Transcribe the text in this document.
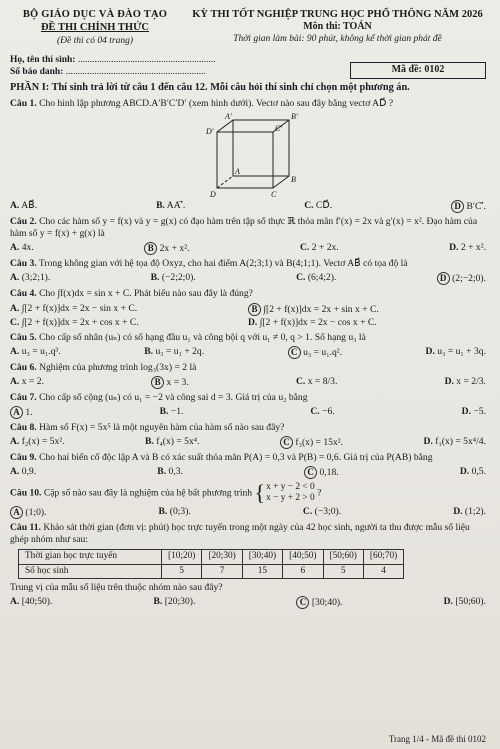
BỘ GIÁO DỤC VÀ ĐÀO TẠO
ĐỀ THI CHÍNH THỨC
(Đề thi có 04 trang)
KỲ THI TỐT NGHIỆP TRUNG HỌC PHỔ THÔNG NĂM 2026
Môn thi: TOÁN
Thời gian làm bài: 90 phút, không kể thời gian phát đề
Họ, tên thí sinh: ..........................................................
Số báo danh: ...........................................................	Mã đề: 0102
PHẦN I: Thí sinh trả lời từ câu 1 đến câu 12. Mỗi câu hỏi thí sinh chỉ chọn một phương án.
Câu 1. Cho hình lập phương ABCD.A′B′C′D′ (xem hình dưới). Vectơ nào sau đây bằng vectơ AD⃗ ?
A′	B′
C′
D′
A
B
C
D
A. AB⃗.	B. AA′⃗.	C. CD⃗.	D B′C′⃗.
Câu 2. Cho các hàm số y = f(x) và y = g(x) có đạo hàm trên tập số thực ℝ thỏa mãn f′(x) = 2x và g′(x) = x². Đạo hàm của hàm số y = f(x) + g(x) là
A. 4x.	B 2x + x².	C. 2 + 2x.	D. 2 + x².
Câu 3. Trong không gian với hệ tọa độ Oxyz, cho hai điểm A(2;3;1) và B(4;1;1). Vectơ AB⃗ có tọa độ là
A. (3;2;1).	B. (−2;2;0).	C. (6;4;2).	D (2;−2;0).
Câu 4. Cho ∫f(x)dx = sin x + C. Phát biểu nào sau đây là đúng?
A. ∫[2 + f(x)]dx = 2x − sin x + C.	B ∫[2 + f(x)]dx = 2x + sin x + C.
C. ∫[2 + f(x)]dx = 2x + cos x + C.	D. ∫[2 + f(x)]dx = 2x − cos x + C.
Câu 5. Cho cấp số nhân (uₙ) có số hạng đầu u₁ và công bội q với u₁ ≠ 0, q > 1. Số hạng u₃ là
A. u₃ = u₁.q³.	B. u₃ = u₁ + 2q.	C u₃ = u₁.q².	D. u₃ = u₁ + 3q.
Câu 6. Nghiệm của phương trình log₃(3x) = 2 là
A. x = 2.	B x = 3.	C. x = 8/3.	D. x = 2/3.
Câu 7. Cho cấp số cộng (uₙ) có u₁ = −2 và công sai d = 3. Giá trị của u₂ bằng
A 1.	B. −1.	C. −6.	D. −5.
Câu 8. Hàm số F(x) = 5x⁵ là một nguyên hàm của hàm số nào sau đây?
A. f₂(x) = 5x².	B. f₄(x) = 5x⁴.	C f₃(x) = 15x².	D. f₁(x) = 5x⁴/4.
Câu 9. Cho hai biến cố độc lập A và B có xác suất thỏa mãn P(A) = 0,3 và P(B) = 0,6. Giá trị của P(AB) bằng
A. 0,9.	B. 0,3.	C 0,18.	D. 0,5.
Câu 10. Cặp số nào sau đây là nghiệm của hệ bất phương trình { x + y − 2 < 0
x − y + 2 > 0 ?
A (1;0).	B. (0;3).	C. (−3;0).	D. (1;2).
Câu 11. Khảo sát thời gian (đơn vị: phút) học trực tuyến trong một ngày của 42 học sinh, người ta thu được mẫu số liệu ghép nhóm như sau:
Thời gian học trực tuyến	[10;20)	[20;30)	[30;40)	[40;50)	[50;60)	[60;70)
Số học sinh	5	7	15	6	5	4
Trung vị của mẫu số liệu trên thuộc nhóm nào sau đây?
A. [40;50).	B. [20;30).	C [30;40).	D. [50;60).
Trang 1/4 - Mã đề thi 0102
